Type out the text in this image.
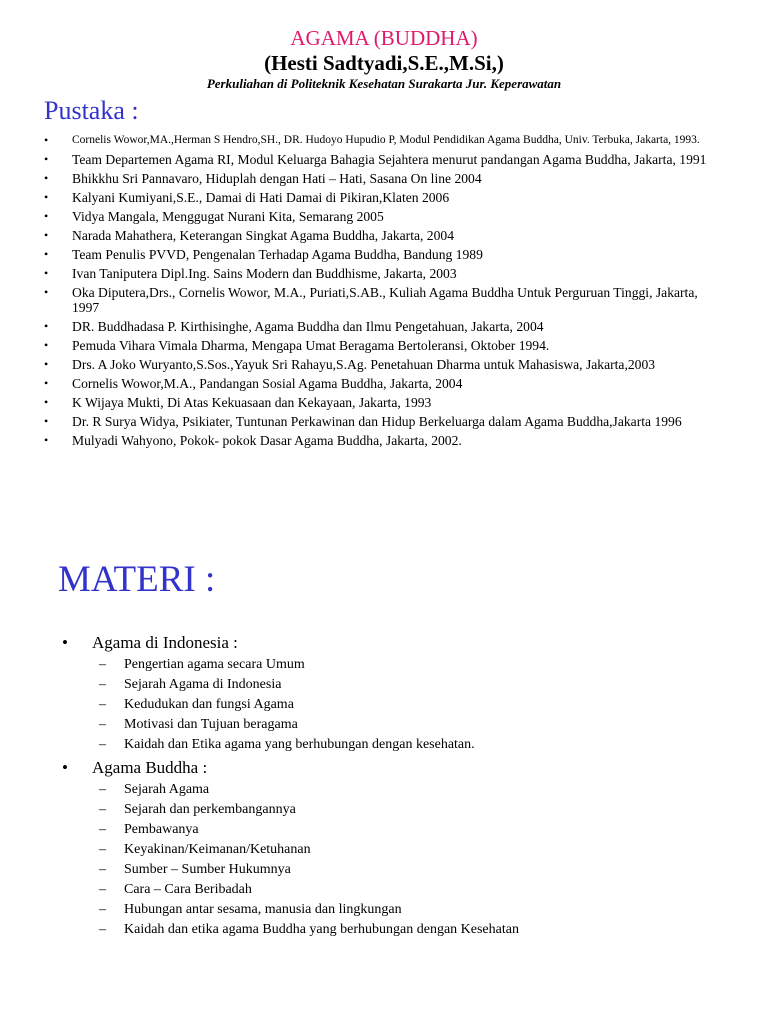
AGAMA (BUDDHA)
(Hesti Sadtyadi,S.E.,M.Si,)
Perkuliahan di Politeknik Kesehatan Surakarta Jur. Keperawatan
Pustaka :
• Cornelis Wowor,MA.,Herman S Hendro,SH., DR. Hudoyo Hupudio P, Modul Pendidikan Agama Buddha, Univ. Terbuka, Jakarta, 1993.
• Team Departemen Agama RI, Modul Keluarga Bahagia Sejahtera menurut pandangan Agama Buddha, Jakarta, 1991
• Bhikkhu Sri Pannavaro, Hiduplah dengan Hati – Hati, Sasana On line 2004
• Kalyani Kumiyani,S.E., Damai di Hati Damai di Pikiran,Klaten 2006
• Vidya Mangala, Menggugat Nurani Kita, Semarang 2005
• Narada Mahathera, Keterangan Singkat Agama Buddha, Jakarta, 2004
• Team Penulis PVVD, Pengenalan Terhadap Agama Buddha, Bandung 1989
• Ivan Taniputera Dipl.Ing. Sains Modern dan Buddhisme, Jakarta, 2003
• Oka Diputera,Drs., Cornelis Wowor, M.A., Puriati,S.AB., Kuliah Agama Buddha Untuk Perguruan Tinggi, Jakarta, 1997
• DR. Buddhadasa P. Kirthisinghe, Agama Buddha dan Ilmu Pengetahuan, Jakarta, 2004
• Pemuda Vihara Vimala Dharma, Mengapa Umat Beragama Bertoleransi, Oktober 1994.
• Drs. A Joko Wuryanto,S.Sos.,Yayuk Sri Rahayu,S.Ag. Penetahuan Dharma untuk Mahasiswa, Jakarta,2003
• Cornelis Wowor,M.A., Pandangan Sosial Agama Buddha, Jakarta, 2004
• K Wijaya Mukti, Di Atas Kekuasaan dan Kekayaan, Jakarta, 1993
• Dr. R Surya Widya, Psikiater, Tuntunan Perkawinan dan Hidup Berkeluarga dalam Agama Buddha,Jakarta 1996
• Mulyadi Wahyono, Pokok- pokok Dasar Agama Buddha, Jakarta, 2002.
MATERI :
• Agama di Indonesia :
– Pengertian agama secara Umum
– Sejarah Agama di Indonesia
– Kedudukan dan fungsi Agama
– Motivasi dan Tujuan beragama
– Kaidah dan Etika agama yang berhubungan dengan kesehatan.
• Agama Buddha :
– Sejarah Agama
– Sejarah dan perkembangannya
– Pembawanya
– Keyakinan/Keimanan/Ketuhanan
– Sumber – Sumber Hukumnya
– Cara – Cara Beribadah
– Hubungan antar sesama, manusia dan lingkungan
– Kaidah dan etika agama Buddha yang berhubungan dengan Kesehatan
